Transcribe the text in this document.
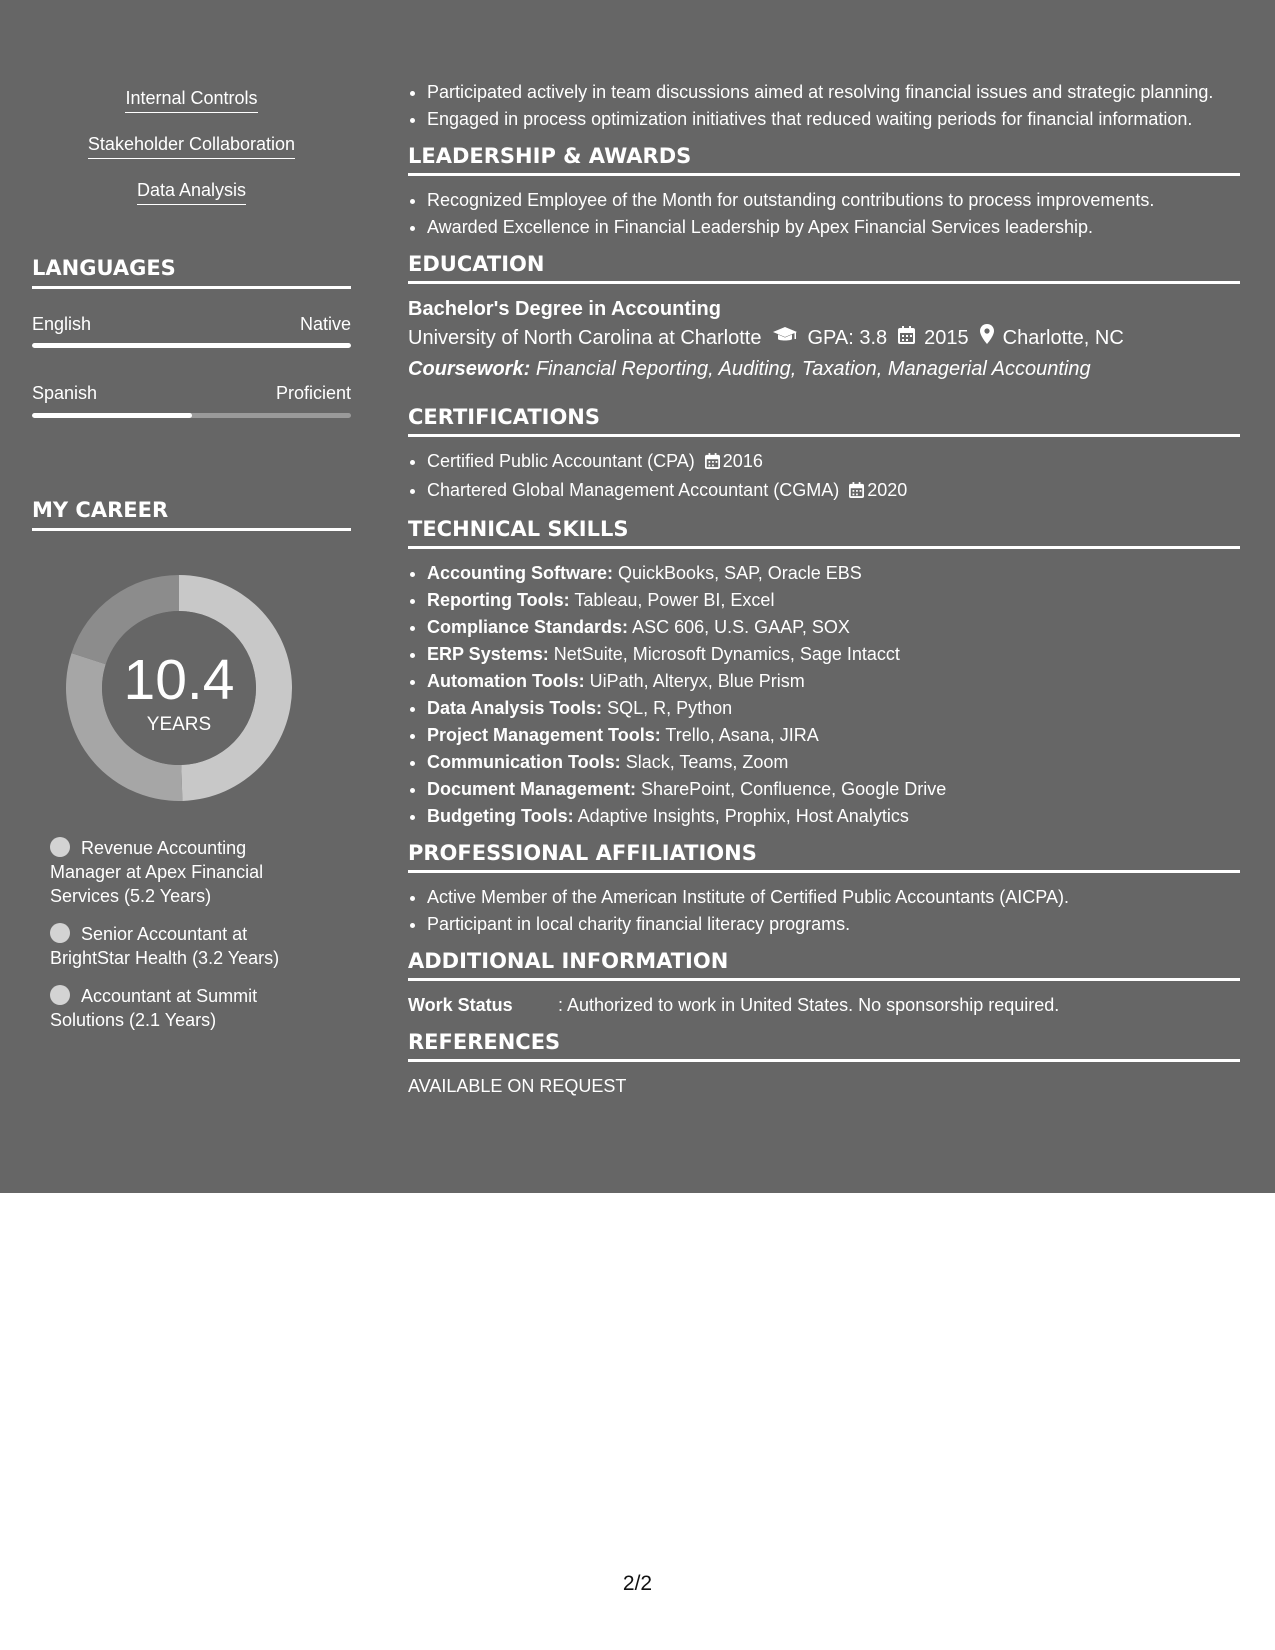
Internal Controls
Stakeholder Collaboration
Data Analysis
LANGUAGES
English	Native
Spanish	Proficient
MY CAREER
10.4
YEARS
Revenue Accounting Manager at Apex Financial Services (5.2 Years)
Senior Accountant at BrightStar Health (3.2 Years)
Accountant at Summit Solutions (2.1 Years)
• Participated actively in team discussions aimed at resolving financial issues and strategic planning.
• Engaged in process optimization initiatives that reduced waiting periods for financial information.
LEADERSHIP & AWARDS
• Recognized Employee of the Month for outstanding contributions to process improvements.
• Awarded Excellence in Financial Leadership by Apex Financial Services leadership.
EDUCATION
Bachelor's Degree in Accounting
University of North Carolina at Charlotte GPA: 3.8 2015 Charlotte, NC
Coursework: Financial Reporting, Auditing, Taxation, Managerial Accounting
CERTIFICATIONS
• Certified Public Accountant (CPA) 2016
• Chartered Global Management Accountant (CGMA) 2020
TECHNICAL SKILLS
• Accounting Software: QuickBooks, SAP, Oracle EBS
• Reporting Tools: Tableau, Power BI, Excel
• Compliance Standards: ASC 606, U.S. GAAP, SOX
• ERP Systems: NetSuite, Microsoft Dynamics, Sage Intacct
• Automation Tools: UiPath, Alteryx, Blue Prism
• Data Analysis Tools: SQL, R, Python
• Project Management Tools: Trello, Asana, JIRA
• Communication Tools: Slack, Teams, Zoom
• Document Management: SharePoint, Confluence, Google Drive
• Budgeting Tools: Adaptive Insights, Prophix, Host Analytics
PROFESSIONAL AFFILIATIONS
• Active Member of the American Institute of Certified Public Accountants (AICPA).
• Participant in local charity financial literacy programs.
ADDITIONAL INFORMATION
Work Status	: Authorized to work in United States. No sponsorship required.
REFERENCES
AVAILABLE ON REQUEST
2/2
